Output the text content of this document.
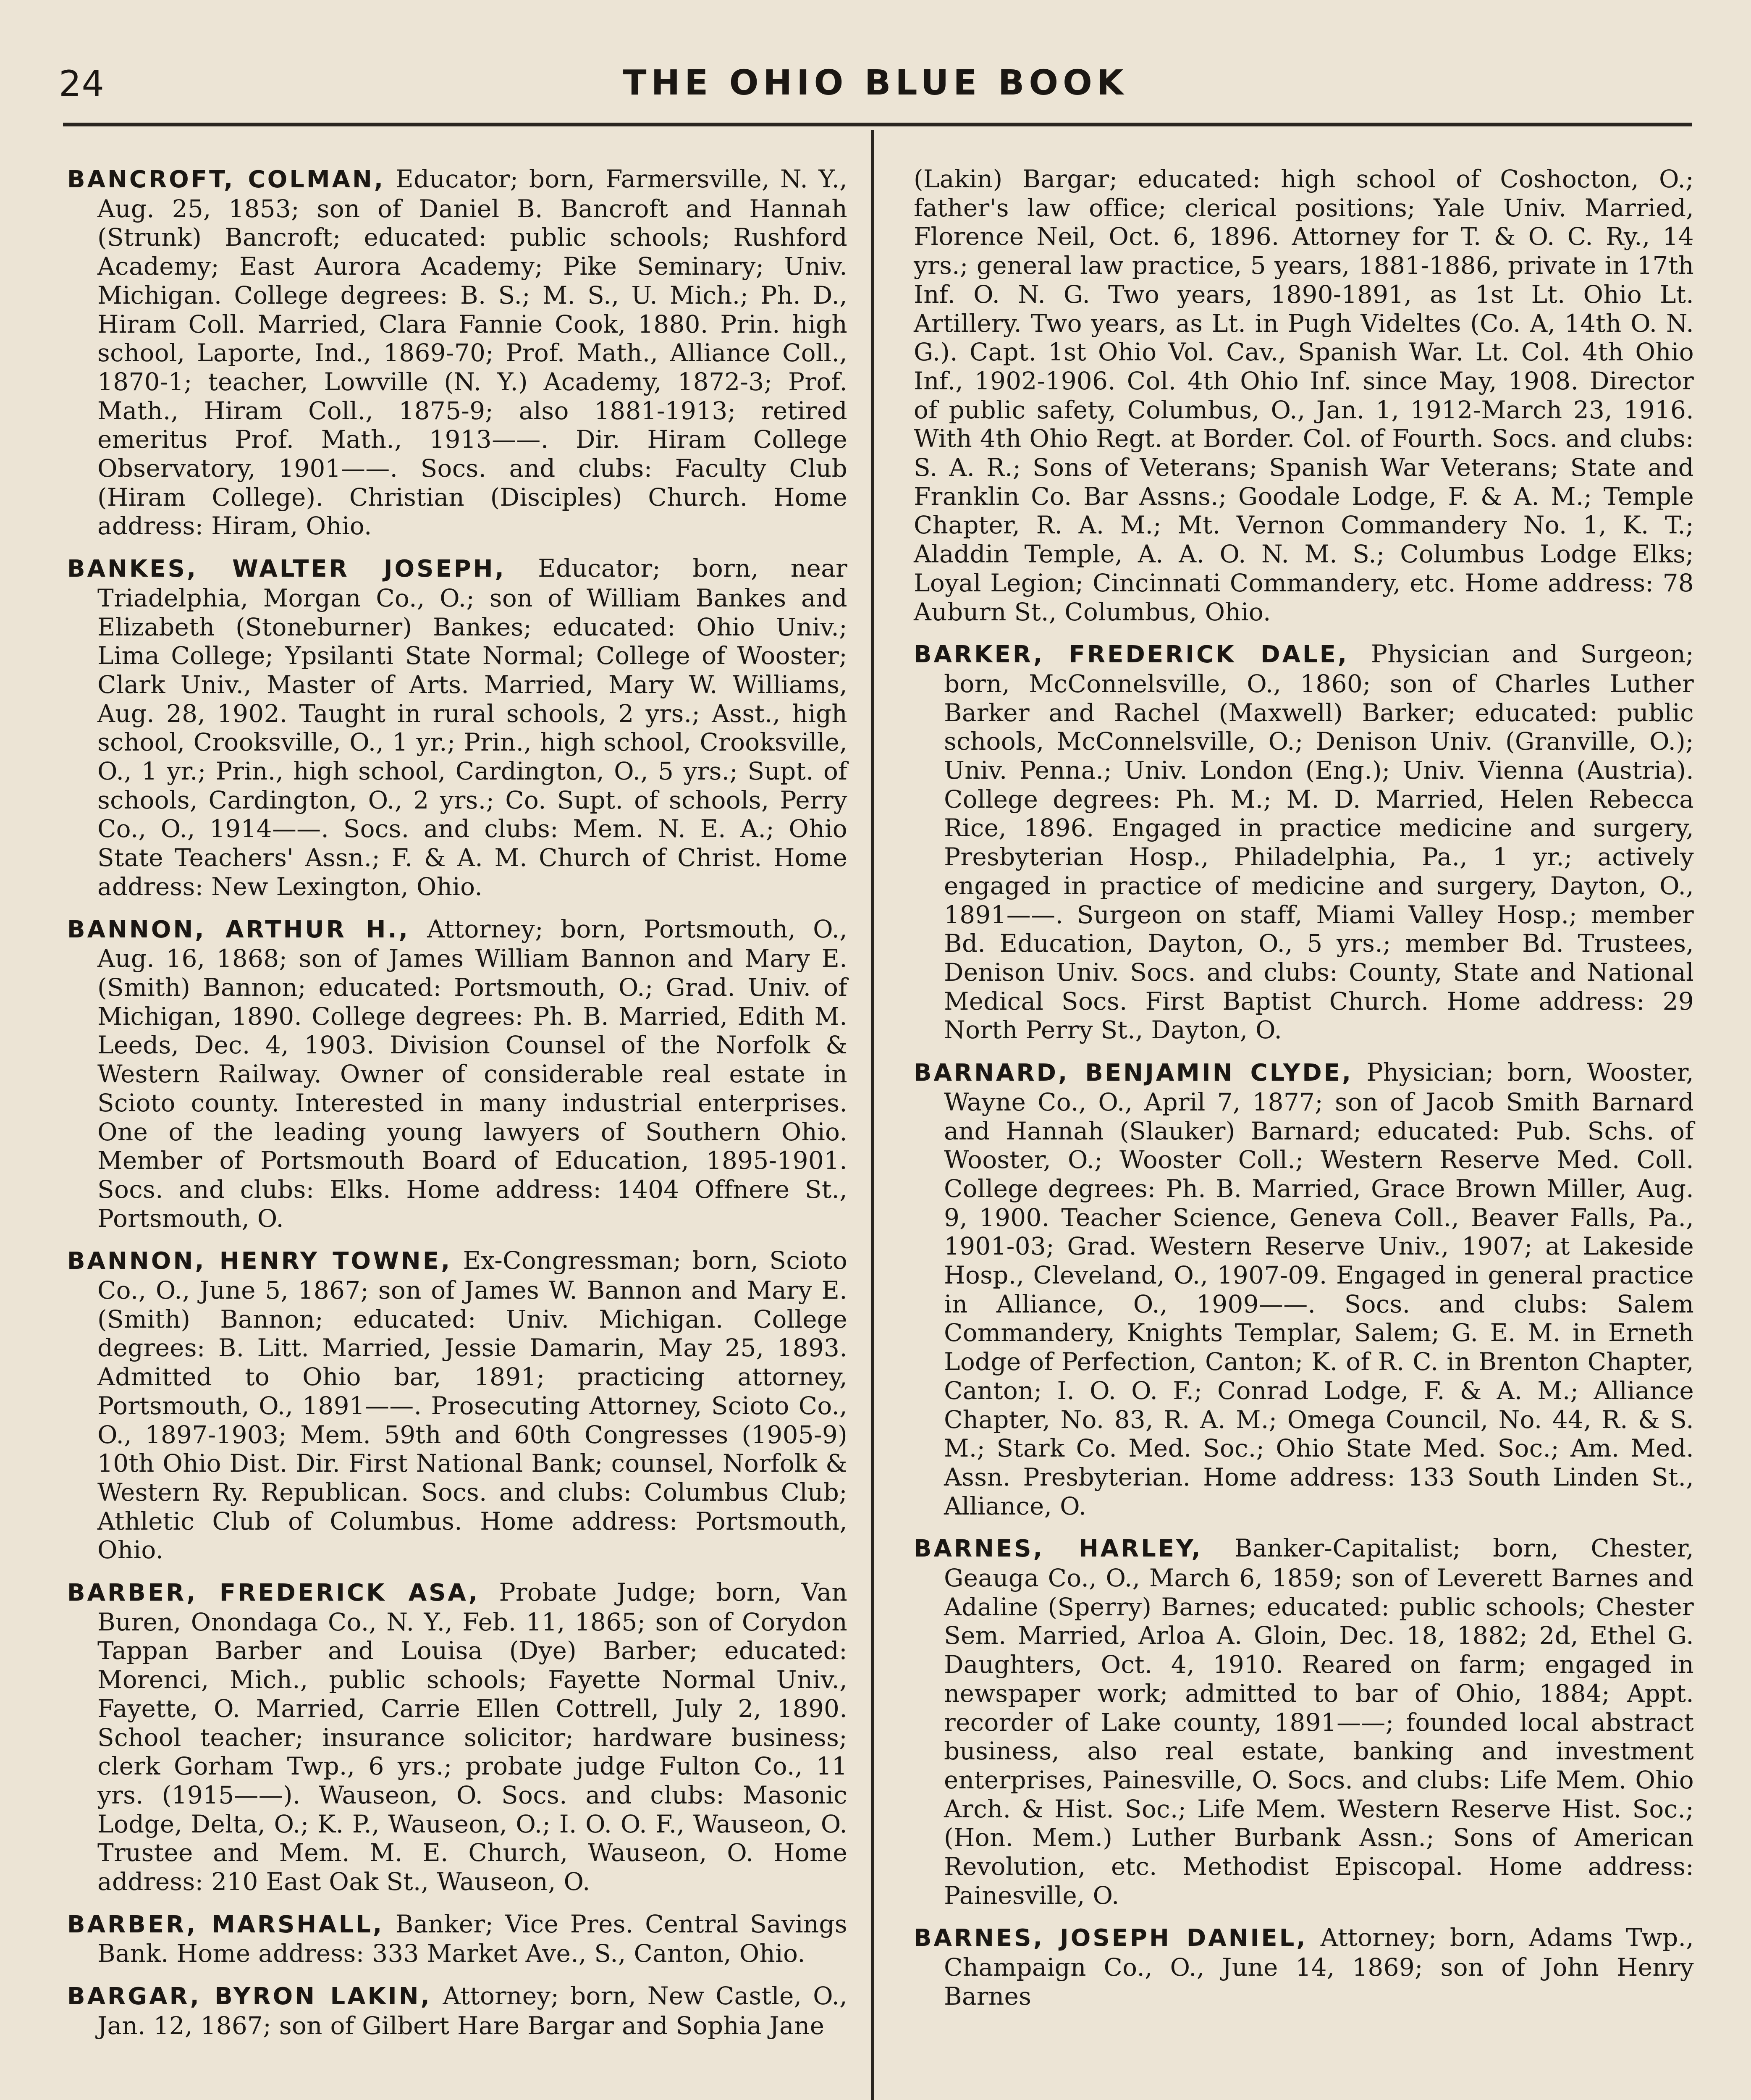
24	THE OHIO BLUE BOOK

BANCROFT, COLMAN, Educator; born, Farmersville, N. Y., Aug. 25, 1853; son of Daniel B. Bancroft and Hannah (Strunk) Bancroft; educated: public schools; Rushford Academy; East Aurora Academy; Pike Seminary; Univ. Michigan. College degrees: B. S.; M. S., U. Mich.; Ph. D., Hiram Coll. Married, Clara Fannie Cook, 1880. Prin. high school, Laporte, Ind., 1869-70; Prof. Math., Alliance Coll., 1870-1; teacher, Lowville (N. Y.) Academy, 1872-3; Prof. Math., Hiram Coll., 1875-9; also 1881-1913; retired emeritus Prof. Math., 1913——. Dir. Hiram College Observatory, 1901——. Socs. and clubs: Faculty Club (Hiram College). Christian (Disciples) Church. Home address: Hiram, Ohio.

BANKES, WALTER JOSEPH, Educator; born, near Triadelphia, Morgan Co., O.; son of William Bankes and Elizabeth (Stoneburner) Bankes; educated: Ohio Univ.; Lima College; Ypsilanti State Normal; College of Wooster; Clark Univ., Master of Arts. Married, Mary W. Williams, Aug. 28, 1902. Taught in rural schools, 2 yrs.; Asst., high school, Crooksville, O., 1 yr.; Prin., high school, Crooksville, O., 1 yr.; Prin., high school, Cardington, O., 5 yrs.; Supt. of schools, Cardington, O., 2 yrs.; Co. Supt. of schools, Perry Co., O., 1914——. Socs. and clubs: Mem. N. E. A.; Ohio State Teachers' Assn.; F. & A. M. Church of Christ. Home address: New Lexington, Ohio.

BANNON, ARTHUR H., Attorney; born, Portsmouth, O., Aug. 16, 1868; son of James William Bannon and Mary E. (Smith) Bannon; educated: Portsmouth, O.; Grad. Univ. of Michigan, 1890. College degrees: Ph. B. Married, Edith M. Leeds, Dec. 4, 1903. Division Counsel of the Norfolk & Western Railway. Owner of considerable real estate in Scioto county. Interested in many industrial enterprises. One of the leading young lawyers of Southern Ohio. Member of Portsmouth Board of Education, 1895-1901. Socs. and clubs: Elks. Home address: 1404 Offnere St., Portsmouth, O.

BANNON, HENRY TOWNE, Ex-Congressman; born, Scioto Co., O., June 5, 1867; son of James W. Bannon and Mary E. (Smith) Bannon; educated: Univ. Michigan. College degrees: B. Litt. Married, Jessie Damarin, May 25, 1893. Admitted to Ohio bar, 1891; practicing attorney, Portsmouth, O., 1891——. Prosecuting Attorney, Scioto Co., O., 1897-1903; Mem. 59th and 60th Congresses (1905-9) 10th Ohio Dist. Dir. First National Bank; counsel, Norfolk & Western Ry. Republican. Socs. and clubs: Columbus Club; Athletic Club of Columbus. Home address: Portsmouth, Ohio.

BARBER, FREDERICK ASA, Probate Judge; born, Van Buren, Onondaga Co., N. Y., Feb. 11, 1865; son of Corydon Tappan Barber and Louisa (Dye) Barber; educated: Morenci, Mich., public schools; Fayette Normal Univ., Fayette, O. Married, Carrie Ellen Cottrell, July 2, 1890. School teacher; insurance solicitor; hardware business; clerk Gorham Twp., 6 yrs.; probate judge Fulton Co., 11 yrs. (1915——). Wauseon, O. Socs. and clubs: Masonic Lodge, Delta, O.; K. P., Wauseon, O.; I. O. O. F., Wauseon, O. Trustee and Mem. M. E. Church, Wauseon, O. Home address: 210 East Oak St., Wauseon, O.

BARBER, MARSHALL, Banker; Vice Pres. Central Savings Bank. Home address: 333 Market Ave., S., Canton, Ohio.

BARGAR, BYRON LAKIN, Attorney; born, New Castle, O., Jan. 12, 1867; son of Gilbert Hare Bargar and Sophia Jane

(Lakin) Bargar; educated: high school of Coshocton, O.; father's law office; clerical positions; Yale Univ. Married, Florence Neil, Oct. 6, 1896. Attorney for T. & O. C. Ry., 14 yrs.; general law practice, 5 years, 1881-1886, private in 17th Inf. O. N. G. Two years, 1890-1891, as 1st Lt. Ohio Lt. Artillery. Two years, as Lt. in Pugh Videltes (Co. A, 14th O. N. G.). Capt. 1st Ohio Vol. Cav., Spanish War. Lt. Col. 4th Ohio Inf., 1902-1906. Col. 4th Ohio Inf. since May, 1908. Director of public safety, Columbus, O., Jan. 1, 1912-March 23, 1916. With 4th Ohio Regt. at Border. Col. of Fourth. Socs. and clubs: S. A. R.; Sons of Veterans; Spanish War Veterans; State and Franklin Co. Bar Assns.; Goodale Lodge, F. & A. M.; Temple Chapter, R. A. M.; Mt. Vernon Commandery No. 1, K. T.; Aladdin Temple, A. A. O. N. M. S.; Columbus Lodge Elks; Loyal Legion; Cincinnati Commandery, etc. Home address: 78 Auburn St., Columbus, Ohio.

BARKER, FREDERICK DALE, Physician and Surgeon; born, McConnelsville, O., 1860; son of Charles Luther Barker and Rachel (Maxwell) Barker; educated: public schools, McConnelsville, O.; Denison Univ. (Granville, O.); Univ. Penna.; Univ. London (Eng.); Univ. Vienna (Austria). College degrees: Ph. M.; M. D. Married, Helen Rebecca Rice, 1896. Engaged in practice medicine and surgery, Presbyterian Hosp., Philadelphia, Pa., 1 yr.; actively engaged in practice of medicine and surgery, Dayton, O., 1891——. Surgeon on staff, Miami Valley Hosp.; member Bd. Education, Dayton, O., 5 yrs.; member Bd. Trustees, Denison Univ. Socs. and clubs: County, State and National Medical Socs. First Baptist Church. Home address: 29 North Perry St., Dayton, O.

BARNARD, BENJAMIN CLYDE, Physician; born, Wooster, Wayne Co., O., April 7, 1877; son of Jacob Smith Barnard and Hannah (Slauker) Barnard; educated: Pub. Schs. of Wooster, O.; Wooster Coll.; Western Reserve Med. Coll. College degrees: Ph. B. Married, Grace Brown Miller, Aug. 9, 1900. Teacher Science, Geneva Coll., Beaver Falls, Pa., 1901-03; Grad. Western Reserve Univ., 1907; at Lakeside Hosp., Cleveland, O., 1907-09. Engaged in general practice in Alliance, O., 1909——. Socs. and clubs: Salem Commandery, Knights Templar, Salem; G. E. M. in Erneth Lodge of Perfection, Canton; K. of R. C. in Brenton Chapter, Canton; I. O. O. F.; Conrad Lodge, F. & A. M.; Alliance Chapter, No. 83, R. A. M.; Omega Council, No. 44, R. & S. M.; Stark Co. Med. Soc.; Ohio State Med. Soc.; Am. Med. Assn. Presbyterian. Home address: 133 South Linden St., Alliance, O.

BARNES, HARLEY, Banker-Capitalist; born, Chester, Geauga Co., O., March 6, 1859; son of Leverett Barnes and Adaline (Sperry) Barnes; educated: public schools; Chester Sem. Married, Arloa A. Gloin, Dec. 18, 1882; 2d, Ethel G. Daughters, Oct. 4, 1910. Reared on farm; engaged in newspaper work; admitted to bar of Ohio, 1884; Appt. recorder of Lake county, 1891——; founded local abstract business, also real estate, banking and investment enterprises, Painesville, O. Socs. and clubs: Life Mem. Ohio Arch. & Hist. Soc.; Life Mem. Western Reserve Hist. Soc.; (Hon. Mem.) Luther Burbank Assn.; Sons of American Revolution, etc. Methodist Episcopal. Home address: Painesville, O.

BARNES, JOSEPH DANIEL, Attorney; born, Adams Twp., Champaign Co., O., June 14, 1869; son of John Henry Barnes
